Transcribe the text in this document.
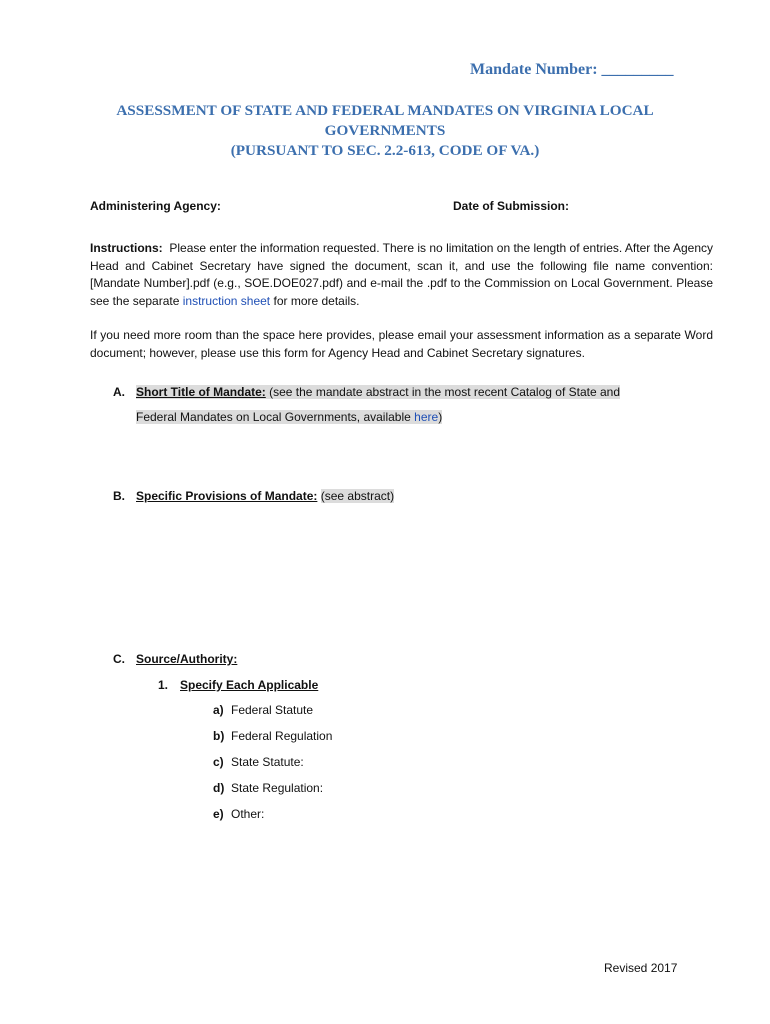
Mandate Number: _________
ASSESSMENT OF STATE AND FEDERAL MANDATES ON VIRGINIA LOCAL
GOVERNMENTS
(PURSUANT TO SEC. 2.2-613, CODE OF VA.)
Administering Agency:	Date of Submission:

Instructions: Please enter the information requested. There is no limitation on the length of entries. After the Agency Head and Cabinet Secretary have signed the document, scan it, and use the following file name convention: [Mandate Number].pdf (e.g., SOE.DOE027.pdf) and e-mail the .pdf to the Commission on Local Government. Please see the separate instruction sheet for more details.

If you need more room than the space here provides, please email your assessment information as a separate Word document; however, please use this form for Agency Head and Cabinet Secretary signatures.

A. Short Title of Mandate: (see the mandate abstract in the most recent Catalog of State and
Federal Mandates on Local Governments, available here)
B. Specific Provisions of Mandate: (see abstract)
C. Source/Authority:
1. Specify Each Applicable
a) Federal Statute
b) Federal Regulation
c) State Statute:
d) State Regulation:
e) Other:
Revised 2017
